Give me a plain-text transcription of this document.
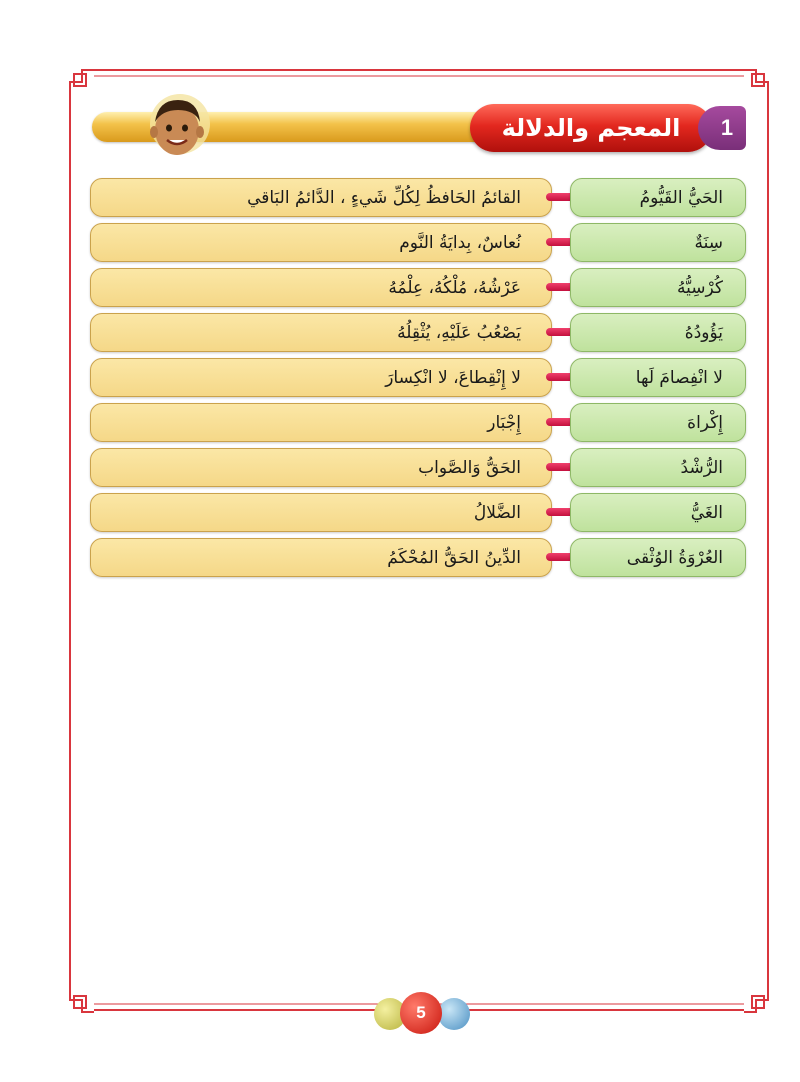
المعجم والدلالة 1
القائمُ الحَافظُ لِكُلِّ شَيءٍ ، الدَّائمُ البَاقي	الحَيُّ القَيُّومُ
نُعاسٌ، بِدايَةُ النَّوم	سِنَةٌ
عَرْشُهُ، مُلْكُهُ، عِلْمُهُ	كُرْسِيُّهُ
يَصْعُبُ عَلَيْهِ، يُثْقِلُهُ	يَؤُودُهُ
لا إِنْقِطاعَ، لا انْكِسارَ	لا انْفِصامَ لَها
إِجْبَار	إِكْراهَ
الحَقُّ وَالصَّواب	الرُّشْدُ
الضَّلالُ	الغَيُّ
الدِّينُ الحَقُّ المُحْكَمُ	العُرْوَةُ الوُثْقى
5
